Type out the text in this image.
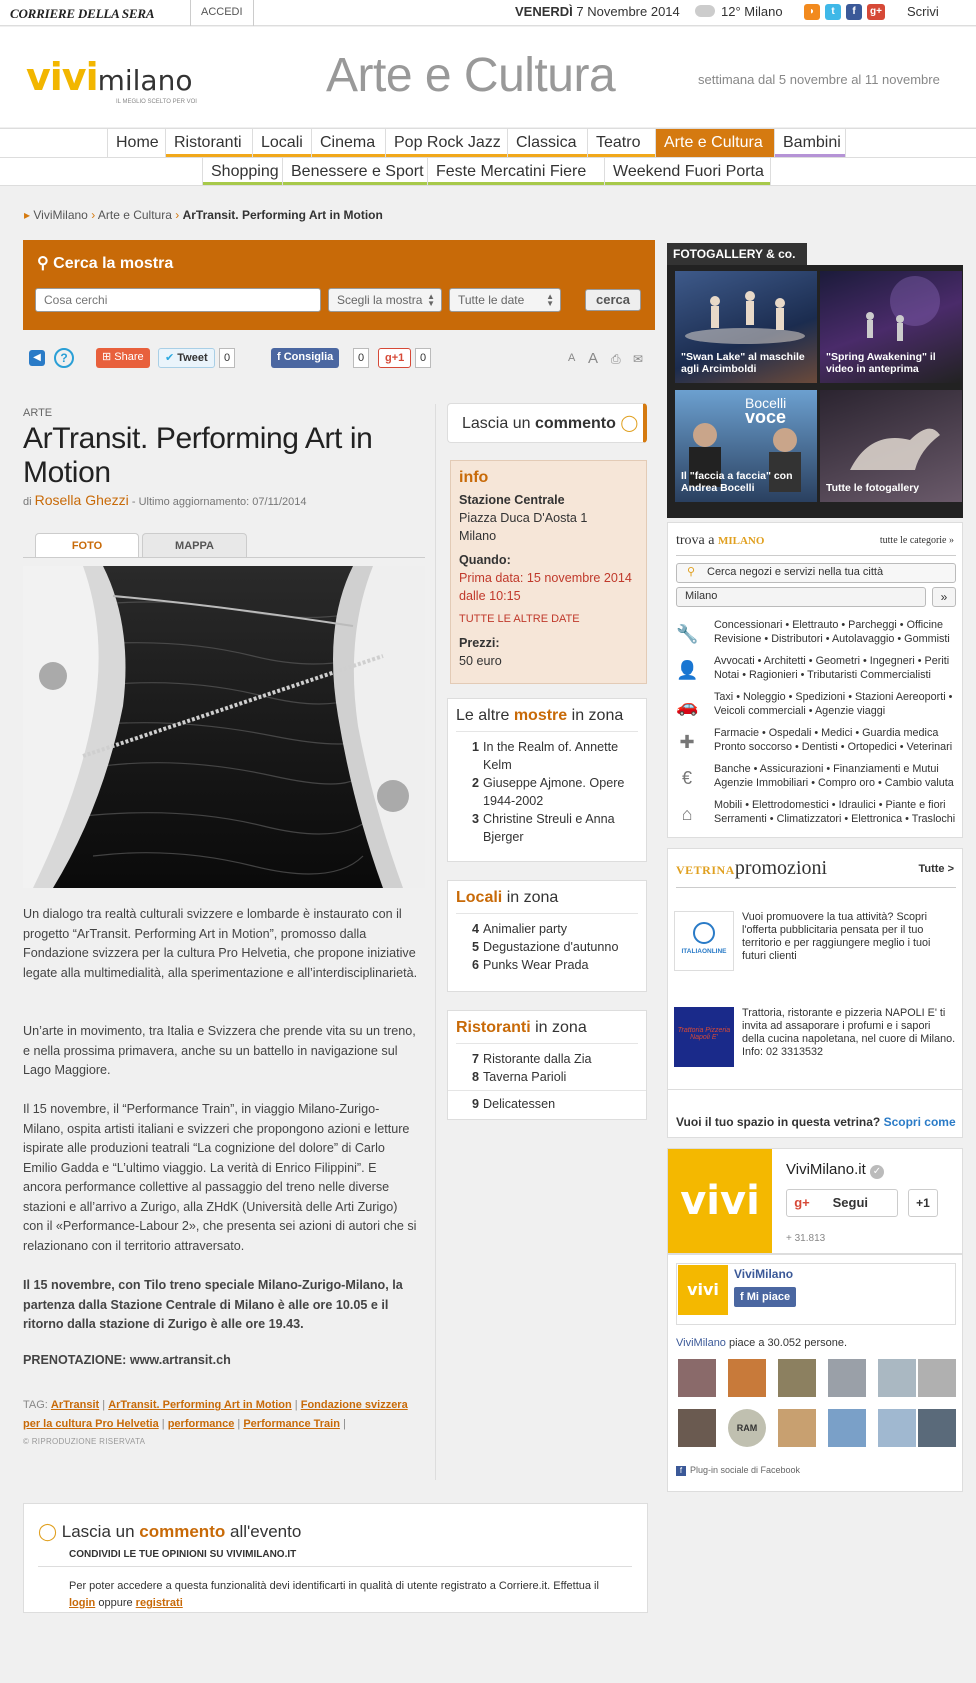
CORRIERE DELLA SERA	ACCEDI	VENERDÌ 7 Novembre 2014	12° Milano	◗	t	f	g+ Scrivi
vivimilano
IL MEGLIO SCELTO PER VOI	Arte e Cultura	settimana dal 5 novembre al 11 novembre
Home Ristoranti	Locali	Cinema	Pop Rock Jazz Classica	Teatro	Arte e Cultura	Bambini
Shopping Benessere e Sport Feste Mercatini Fiere	Weekend Fuori Porta
▸ ViviMilano › Arte e Cultura › ArTransit. Performing Art in Motion
⚲ Cerca la mostra
Cosa cerchi
Scegli la mostra ▲
▼	Tutte le date	▲
▼	cerca
◀	?	⊞ Share	✔ Tweet	0	f Consiglia	0	g+1	0	A A ⎙ ✉
ARTE
ArTransit. Performing Art in Motion
di Rosella Ghezzi - Ultimo aggiornamento: 07/11/2014
FOTO	MAPPA

Un dialogo tra realtà culturali svizzere e lombarde è instaurato con il progetto “ArTransit. Performing Art in Motion”, promosso dalla Fondazione svizzera per la cultura Pro Helvetia, che propone iniziative legate alla multimedialità, alla sperimentazione e all’interdisciplinarietà.

Un’arte in movimento, tra Italia e Svizzera che prende vita su un treno, e nella prossima primavera, anche su un battello in navigazione sul Lago Maggiore.

Il 15 novembre, il “Performance Train”, in viaggio Milano-Zurigo-Milano, ospita artisti italiani e svizzeri che propongono azioni e letture ispirate alle produzioni teatrali “La cognizione del dolore” di Carlo Emilio Gadda e “L’ultimo viaggio. La verità di Enrico Filippini”. E ancora performance collettive al passaggio del treno nelle diverse stazioni e all’arrivo a Zurigo, alla ZHdK (Università delle Arti Zurigo) con il «Performance-Labour 2», che presenta sei azioni di autori che si relazionano con il territorio attraversato.

Il 15 novembre, con Tilo treno speciale Milano-Zurigo-Milano, la partenza dalla Stazione Centrale di Milano è alle ore 10.05 e il ritorno dalla stazione di Zurigo è alle ore 19.43.

PRENOTAZIONE: www.artransit.ch

TAG: ArTransit | ArTransit. Performing Art in Motion | Fondazione svizzera per la cultura Pro Helvetia | performance | Performance Train |
© RIPRODUZIONE RISERVATA
Lascia un commento ◯
info
Stazione Centrale
Piazza Duca D'Aosta 1
Milano
Quando:
Prima data: 15 novembre 2014 dalle 10:15
TUTTE LE ALTRE DATE
Prezzi:
50 euro
Le altre mostre in zona
1 In the Realm of. Annette Kelm
2 Giuseppe Ajmone. Opere 1944-2002
3 Christine Streuli e Anna Bjerger
Locali in zona
4 Animalier party
5 Degustazione d'autunno
6 Punks Wear Prada
Ristoranti in zona
7 Ristorante dalla Zia
8 Taverna Parioli
9 Delicatessen
FOTOGALLERY & co.
"Swan Lake" al maschile agli Arcimboldi
"Spring Awakening" il video in anteprima
Bocelli
voce
Il "faccia a faccia" con Andrea Bocelli	Tutte le fotogallery
trova a MILANO	tutte le categorie »
⚲ Cerca negozi e servizi nella tua città
Milano	»
🔧 Concessionari • Elettrauto • Parcheggi • Officine Revisione • Distributori • Autolavaggio • Gommisti
👤 Avvocati • Architetti • Geometri • Ingegneri • Periti Notai • Ragionieri • Tributaristi Commercialisti
🚗 Taxi • Noleggio • Spedizioni • Stazioni Aereoporti • Veicoli commerciali • Agenzie viaggi
✚	Farmacie • Ospedali • Medici • Guardia medica Pronto soccorso • Dentisti • Ortopedici • Veterinari
€	Banche • Assicurazioni • Finanziamenti e Mutui Agenzie Immobiliari • Compro oro • Cambio valuta
⌂	Mobili • Elettrodomestici • Idraulici • Piante e fiori Serramenti • Climatizzatori • Elettronica • Traslochi
VETRINApromozioni	Tutte >
ITALIAONLINE
Vuoi promuovere la tua attività? Scopri l'offerta pubblicitaria pensata per il tuo territorio e per raggiungere meglio i tuoi futuri clienti
Trattoria Pizzeria Napoli E'
Trattoria, ristorante e pizzeria NAPOLI E' ti invita ad assaporare i profumi e i sapori della cucina napoletana, nel cuore di Milano. Info: 02 3313532
Vuoi il tuo spazio in questa vetrina? Scopri come
vivi
ViviMilano.it ✓
g+ Segui	+1
+ 31.813
vivi
ViviMilano
f Mi piace
ViviMilano piace a 30.052 persone.
RAM
f Plug-in sociale di Facebook
◯ Lascia un commento all'evento
CONDIVIDI LE TUE OPINIONI SU VIVIMILANO.IT
Per poter accedere a questa funzionalità devi identificarti in qualità di utente registrato a Corriere.it. Effettua il login oppure registrati
